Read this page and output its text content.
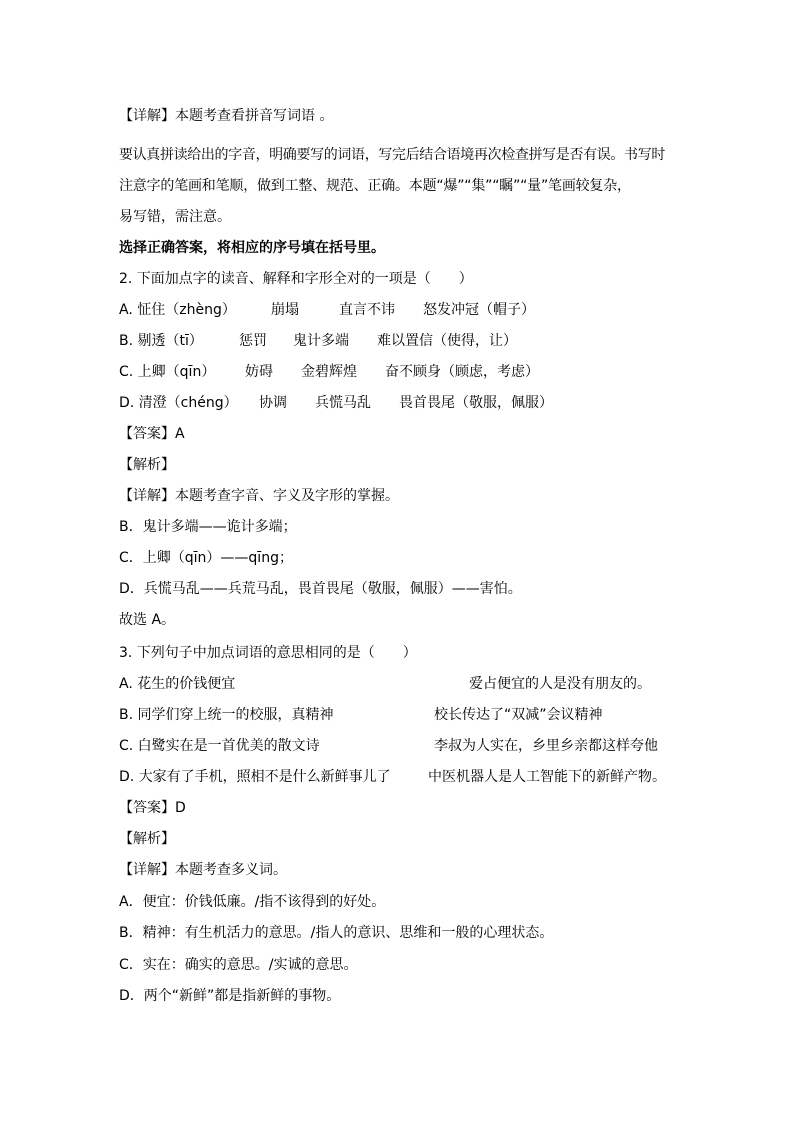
【详解】本题考查看拼音写词语 。
要认真拼读给出的字音，明确要写的词语，写完后结合语境再次检查拼写是否有误。书写时
注意字的笔画和笔顺，做到工整、规范、正确。本题“爆”“集”“瞩”“量”笔画较复杂，
易写错，需注意。
选择正确答案，将相应的序号填在括号里。
2. 下面加点字的读音、解释和字形全对的一项是（　　）
A. 怔住（zhèng）	崩塌	直言不讳 怒发冲冠（帽子）
B. 剔透（tī）	惩罚 鬼计多端 难以置信（使得，让）
C. 上卿（qīn） 妨碍 金碧辉煌 奋不顾身（顾虑，考虑）
D. 清澄（chéng） 协调 兵慌马乱 畏首畏尾（敬服，佩服）
【答案】A
【解析】
【详解】本题考查字音、字义及字形的掌握。
B．鬼计多端——诡计多端；
C．上卿（qīn）——qīng；
D．兵慌马乱——兵荒马乱，畏首畏尾（敬服，佩服）——害怕。
故选 A。
3. 下列句子中加点词语的意思相同的是（　　）
A. 花生的价钱便宜	爱占便宜的人是没有朋友的。
B. 同学们穿上统一的校服，真精神	校长传达了“双减”会议精神
C. 白鹭实在是一首优美的散文诗	李叔为人实在，乡里乡亲都这样夸他
D. 大家有了手机，照相不是什么新鲜事儿了	中医机器人是人工智能下的新鲜产物。
【答案】D
【解析】
【详解】本题考查多义词。
A．便宜：价钱低廉。/指不该得到的好处。
B．精神：有生机活力的意思。/指人的意识、思维和一般的心理状态。
C．实在：确实的意思。/实诚的意思。
D．两个“新鲜”都是指新鲜的事物。
